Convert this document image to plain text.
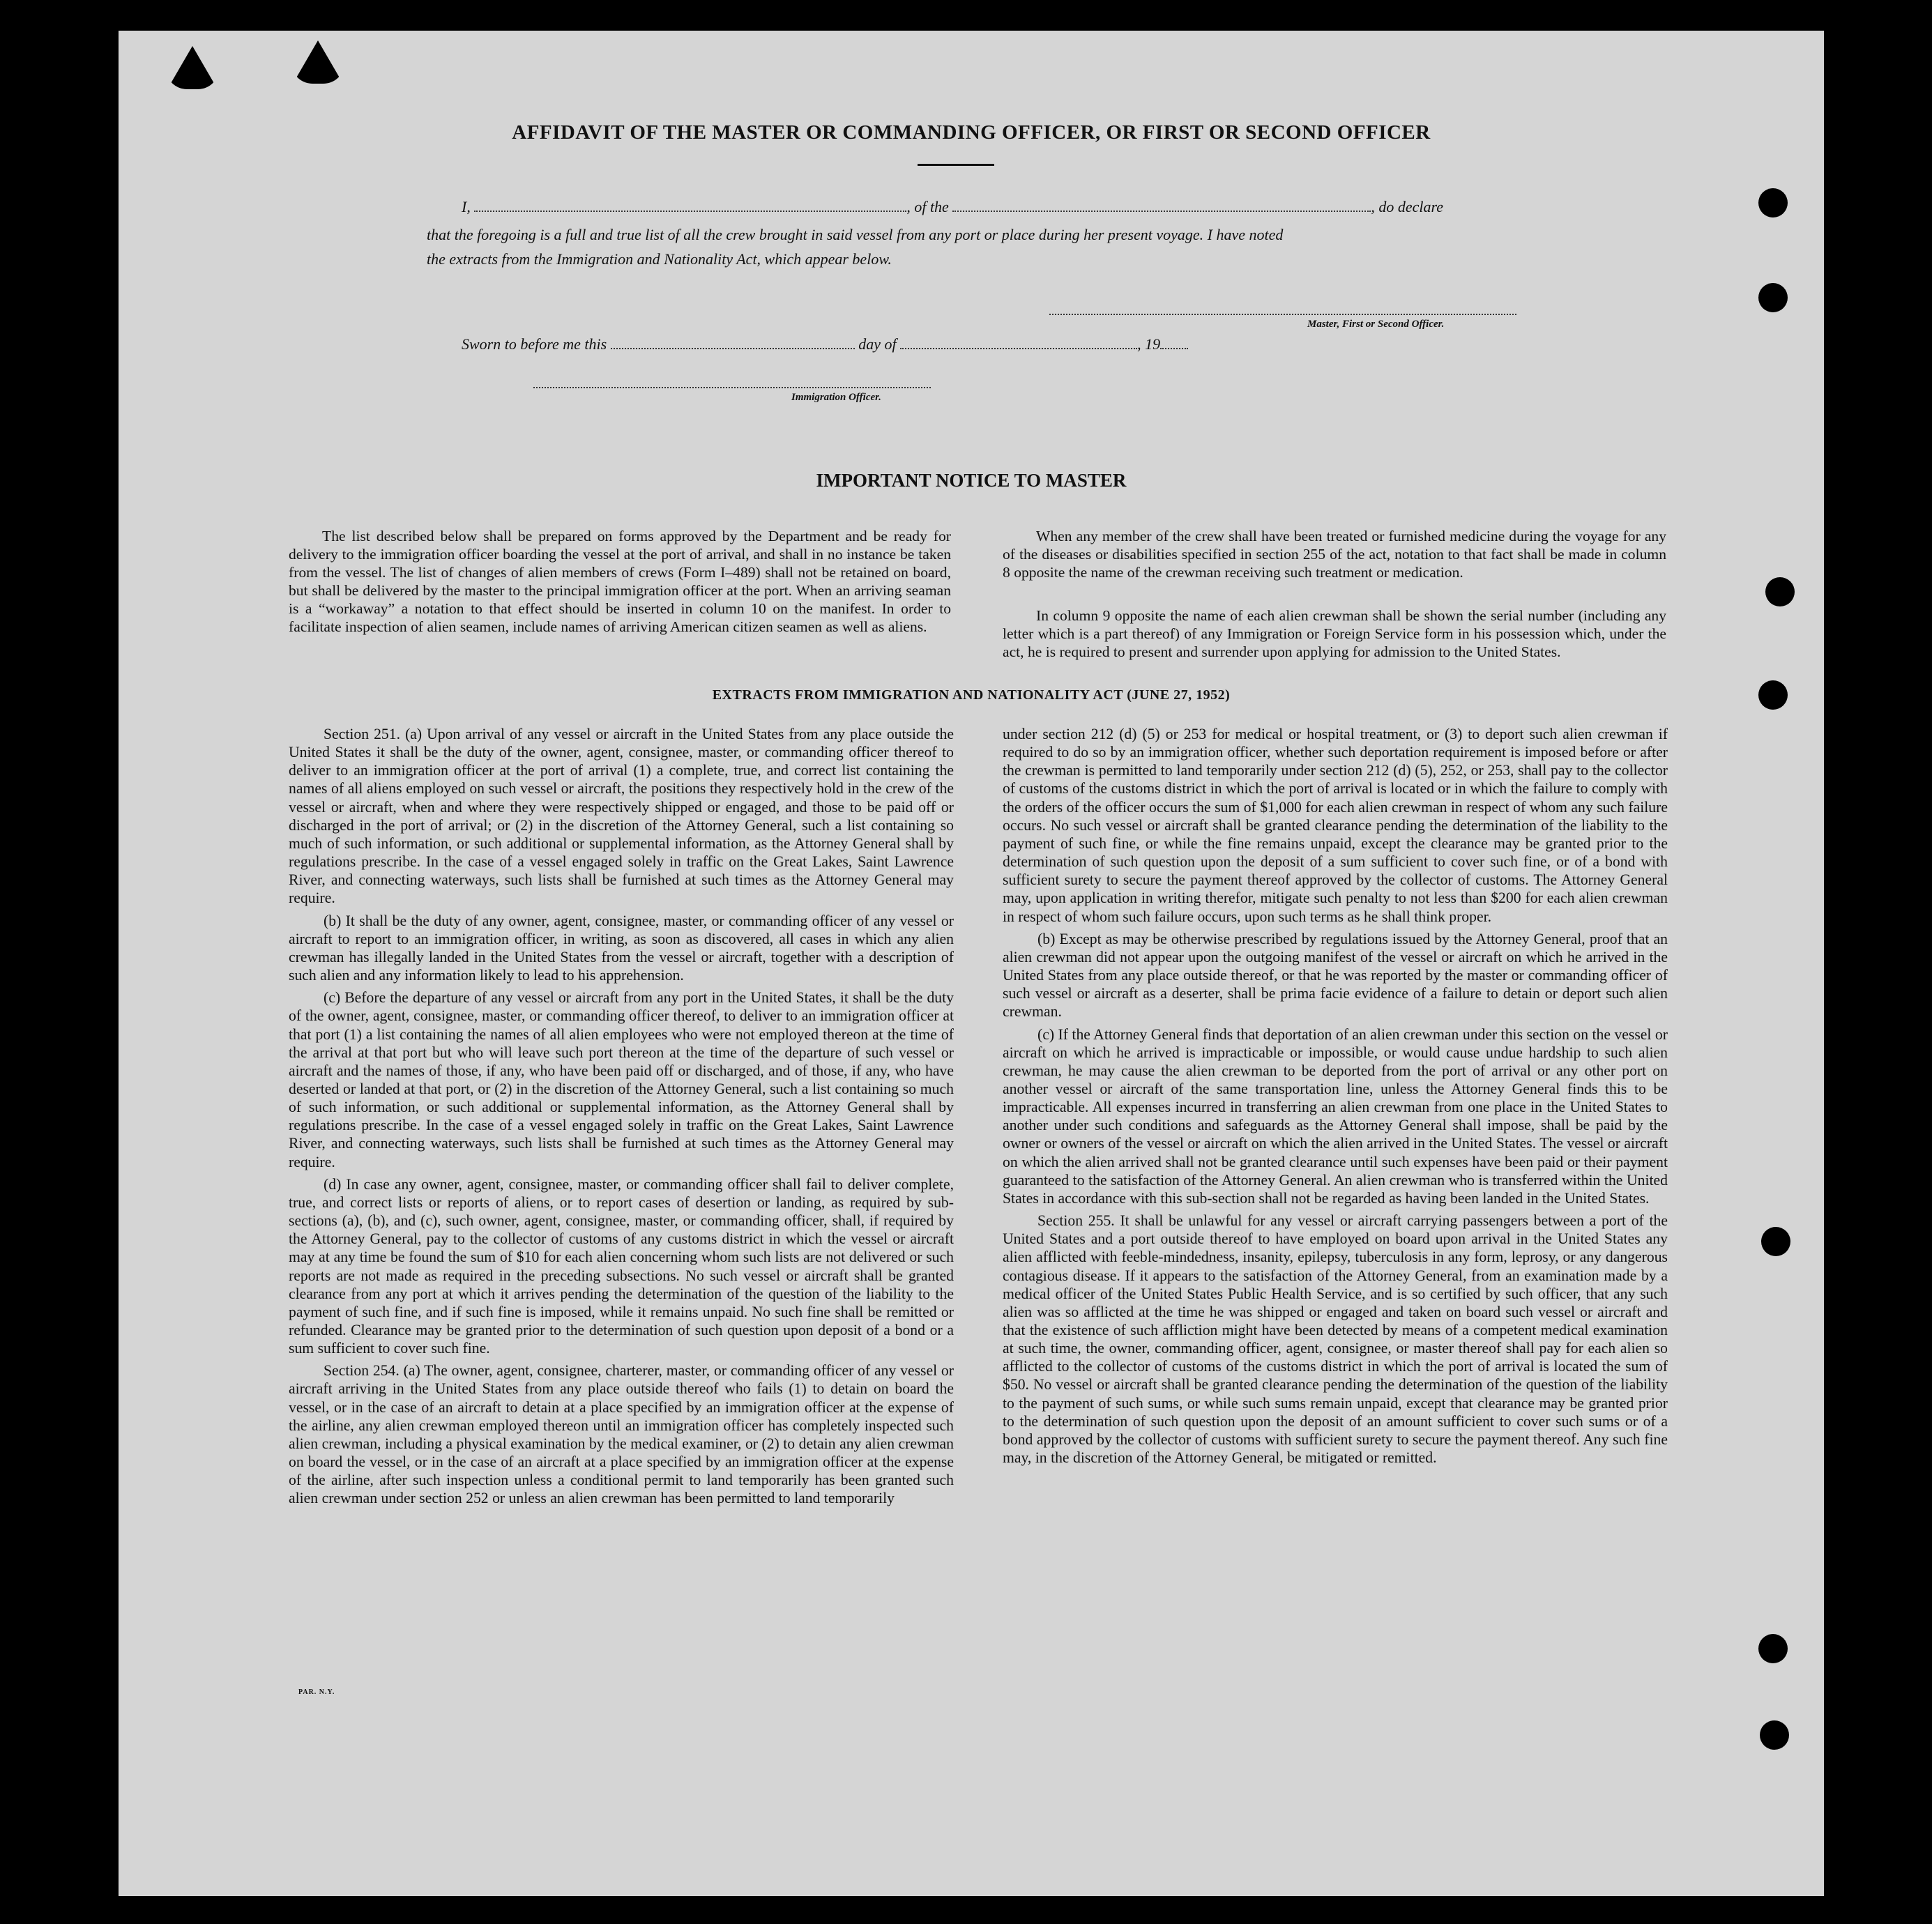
AFFIDAVIT OF THE MASTER OR COMMANDING OFFICER, OR FIRST OR SECOND OFFICER
I,	, of the	, do declare
that the foregoing is a full and true list of all the crew brought in said vessel from any port or place during her present voyage. I have noted
the extracts from the Immigration and Nationality Act, which appear below.
Master, First or Second Officer.
Sworn to before me this	day of	, 19
Immigration Officer.
IMPORTANT NOTICE TO MASTER
The list described below shall be prepared on forms approved by the Department and be ready for delivery to the immigration officer boarding the vessel at the port of arrival, and shall in no instance be taken from the vessel. The list of changes of alien members of crews (Form I–489) shall not be retained on board, but shall be delivered by the master to the principal immigration officer at the port. When an arriving seaman is a “workaway” a notation to that effect should be inserted in column 10 on the manifest. In order to facilitate inspection of alien seamen, include names of arriving American citizen seamen as well as aliens.
When any member of the crew shall have been treated or furnished medicine during the voyage for any of the diseases or disabilities specified in section 255 of the act, notation to that fact shall be made in column 8 opposite the name of the crewman receiving such treatment or medication.
In column 9 opposite the name of each alien crewman shall be shown the serial number (including any letter which is a part thereof) of any Immigration or Foreign Service form in his possession which, under the act, he is required to present and surrender upon applying for admission to the United States.
EXTRACTS FROM IMMIGRATION AND NATIONALITY ACT (JUNE 27, 1952)

Section 251. (a) Upon arrival of any vessel or aircraft in the United States from any place outside the United States it shall be the duty of the owner, agent, consignee, master, or commanding officer thereof to deliver to an immigration officer at the port of arrival (1) a complete, true, and correct list containing the names of all aliens employed on such vessel or aircraft, the positions they respectively hold in the crew of the vessel or aircraft, when and where they were respectively shipped or engaged, and those to be paid off or discharged in the port of arrival; or (2) in the discretion of the Attorney General, such a list containing so much of such information, or such additional or supplemental information, as the Attorney General shall by regulations prescribe. In the case of a vessel engaged solely in traffic on the Great Lakes, Saint Lawrence River, and connecting waterways, such lists shall be furnished at such times as the Attorney General may require.

(b) It shall be the duty of any owner, agent, consignee, master, or commanding officer of any vessel or aircraft to report to an immigration officer, in writing, as soon as discovered, all cases in which any alien crewman has illegally landed in the United States from the vessel or aircraft, together with a description of such alien and any information likely to lead to his apprehension.

(c) Before the departure of any vessel or aircraft from any port in the United States, it shall be the duty of the owner, agent, consignee, master, or commanding officer thereof, to deliver to an immigration officer at that port (1) a list containing the names of all alien employees who were not employed thereon at the time of the arrival at that port but who will leave such port thereon at the time of the departure of such vessel or aircraft and the names of those, if any, who have been paid off or discharged, and of those, if any, who have deserted or landed at that port, or (2) in the discretion of the Attorney General, such a list containing so much of such information, or such additional or supplemental information, as the Attorney General shall by regulations prescribe. In the case of a vessel engaged solely in traffic on the Great Lakes, Saint Lawrence River, and connecting waterways, such lists shall be furnished at such times as the Attorney General may require.

(d) In case any owner, agent, consignee, master, or commanding officer shall fail to deliver complete, true, and correct lists or reports of aliens, or to report cases of desertion or landing, as required by sub-sections (a), (b), and (c), such owner, agent, consignee, master, or commanding officer, shall, if required by the Attorney General, pay to the collector of customs of any customs district in which the vessel or aircraft may at any time be found the sum of $10 for each alien concerning whom such lists are not delivered or such reports are not made as required in the preceding subsections. No such vessel or aircraft shall be granted clearance from any port at which it arrives pending the determination of the question of the liability to the payment of such fine, and if such fine is imposed, while it remains unpaid. No such fine shall be remitted or refunded. Clearance may be granted prior to the determination of such question upon deposit of a bond or a sum sufficient to cover such fine.

Section 254. (a) The owner, agent, consignee, charterer, master, or commanding officer of any vessel or aircraft arriving in the United States from any place outside thereof who fails (1) to detain on board the vessel, or in the case of an aircraft to detain at a place specified by an immigration officer at the expense of the airline, any alien crewman employed thereon until an immigration officer has completely inspected such alien crewman, including a physical examination by the medical examiner, or (2) to detain any alien crewman on board the vessel, or in the case of an aircraft at a place specified by an immigration officer at the expense of the airline, after such inspection unless a conditional permit to land temporarily has been granted such alien crewman under section 252 or unless an alien crewman has been permitted to land temporarily

under section 212 (d) (5) or 253 for medical or hospital treatment, or (3) to deport such alien crewman if required to do so by an immigration officer, whether such deportation requirement is imposed before or after the crewman is permitted to land temporarily under section 212 (d) (5), 252, or 253, shall pay to the collector of customs of the customs district in which the port of arrival is located or in which the failure to comply with the orders of the officer occurs the sum of $1,000 for each alien crewman in respect of whom any such failure occurs. No such vessel or aircraft shall be granted clearance pending the determination of the liability to the payment of such fine, or while the fine remains unpaid, except the clearance may be granted prior to the determination of such question upon the deposit of a sum sufficient to cover such fine, or of a bond with sufficient surety to secure the payment thereof approved by the collector of customs. The Attorney General may, upon application in writing therefor, mitigate such penalty to not less than $200 for each alien crewman in respect of whom such failure occurs, upon such terms as he shall think proper.

(b) Except as may be otherwise prescribed by regulations issued by the Attorney General, proof that an alien crewman did not appear upon the outgoing manifest of the vessel or aircraft on which he arrived in the United States from any place outside thereof, or that he was reported by the master or commanding officer of such vessel or aircraft as a deserter, shall be prima facie evidence of a failure to detain or deport such alien crewman.

(c) If the Attorney General finds that deportation of an alien crewman under this section on the vessel or aircraft on which he arrived is impracticable or impossible, or would cause undue hardship to such alien crewman, he may cause the alien crewman to be deported from the port of arrival or any other port on another vessel or aircraft of the same transportation line, unless the Attorney General finds this to be impracticable. All expenses incurred in transferring an alien crewman from one place in the United States to another under such conditions and safeguards as the Attorney General shall impose, shall be paid by the owner or owners of the vessel or aircraft on which the alien arrived in the United States. The vessel or aircraft on which the alien arrived shall not be granted clearance until such expenses have been paid or their payment guaranteed to the satisfaction of the Attorney General. An alien crewman who is transferred within the United States in accordance with this sub-section shall not be regarded as having been landed in the United States.

Section 255. It shall be unlawful for any vessel or aircraft carrying passengers between a port of the United States and a port outside thereof to have employed on board upon arrival in the United States any alien afflicted with feeble-mindedness, insanity, epilepsy, tuberculosis in any form, leprosy, or any dangerous contagious disease. If it appears to the satisfaction of the Attorney General, from an examination made by a medical officer of the United States Public Health Service, and is so certified by such officer, that any such alien was so afflicted at the time he was shipped or engaged and taken on board such vessel or aircraft and that the existence of such affliction might have been detected by means of a competent medical examination at such time, the owner, commanding officer, agent, consignee, or master thereof shall pay for each alien so afflicted to the collector of customs of the customs district in which the port of arrival is located the sum of $50. No vessel or aircraft shall be granted clearance pending the determination of the question of the liability to the payment of such sums, or while such sums remain unpaid, except that clearance may be granted prior to the determination of such question upon the deposit of an amount sufficient to cover such sums or of a bond approved by the collector of customs with sufficient surety to secure the payment thereof. Any such fine may, in the discretion of the Attorney General, be mitigated or remitted.

PAR. N.Y.
